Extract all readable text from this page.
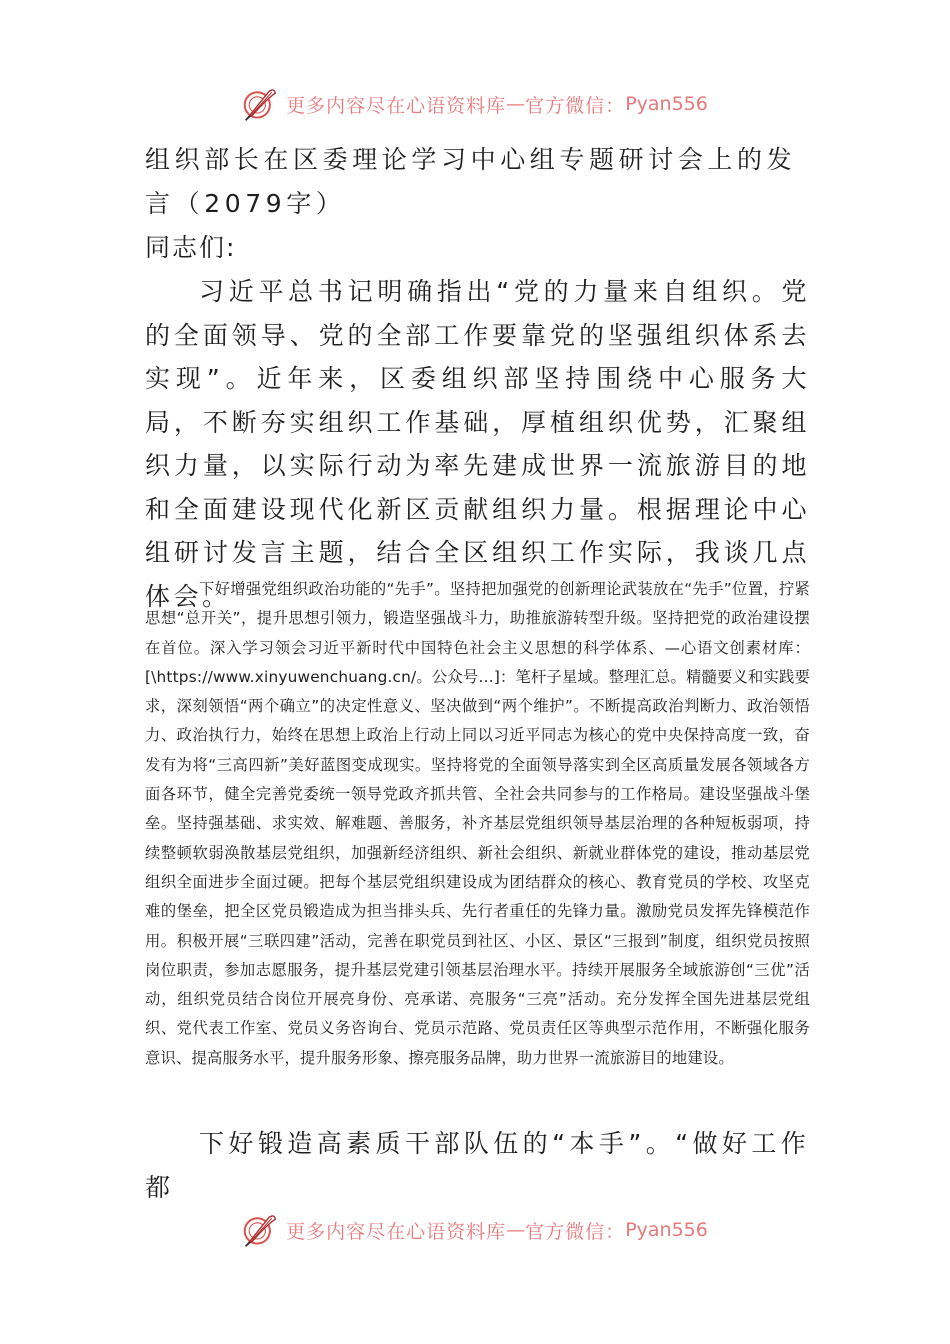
更多内容尽在心语资料库 — 官方微信： Pyan556
组织部长在区委理论学习中心组专题研讨会上的发言（2079字）

同志们:

习近平总书记明确指出“党的力量来自组织。党的全面领导、党的全部工作要靠党的坚强组织体系去实现”。近年来，区委组织部坚持围绕中心服务大局，不断夯实组织工作基础，厚植组织优势，汇聚组织力量，以实际行动为率先建成世界一流旅游目的地和全面建设现代化新区贡献组织力量。根据理论中心组研讨发言主题，结合全区组织工作实际，我谈几点体会。

下好增强党组织政治功能的“先手”。坚持把加强党的创新理论武装放在“先手”位置，拧紧思想“总开关”，提升思想引领力，锻造坚强战斗力，助推旅游转型升级。坚持把党的政治建设摆在首位。深入学习领会习近平新时代中国特色社会主义思想的科学体系、—心语文创素材库：[\https://www.xinyuwenchuang.cn/。公众号…]：笔杆子星域。整理汇总。精髓要义和实践要求，深刻领悟“两个确立”的决定性意义、坚决做到“两个维护”。不断提高政治判断力、政治领悟力、政治执行力，始终在思想上政治上行动上同以习近平同志为核心的党中央保持高度一致，奋发有为将“三高四新”美好蓝图变成现实。坚持将党的全面领导落实到全区高质量发展各领域各方面各环节，健全完善党委统一领导党政齐抓共管、全社会共同参与的工作格局。建设坚强战斗堡垒。坚持强基础、求实效、解难题、善服务，补齐基层党组织领导基层治理的各种短板弱项，持续整顿软弱涣散基层党组织，加强新经济组织、新社会组织、新就业群体党的建设，推动基层党组织全面进步全面过硬。把每个基层党组织建设成为团结群众的核心、教育党员的学校、攻坚克难的堡垒，把全区党员锻造成为担当排头兵、先行者重任的先锋力量。激励党员发挥先锋模范作用。积极开展“三联四建”活动，完善在职党员到社区、小区、景区“三报到”制度，组织党员按照岗位职责，参加志愿服务，提升基层党建引领基层治理水平。持续开展服务全域旅游创“三优”活动，组织党员结合岗位开展亮身份、亮承诺、亮服务“三亮”活动。充分发挥全国先进基层党组织、党代表工作室、党员义务咨询台、党员示范路、党员责任区等典型示范作用，不断强化服务意识、提高服务水平，提升服务形象、擦亮服务品牌，助力世界一流旅游目的地建设。

下好锻造高素质干部队伍的“本手”。“做好工作都

更多内容尽在心语资料库 — 官方微信： Pyan556
